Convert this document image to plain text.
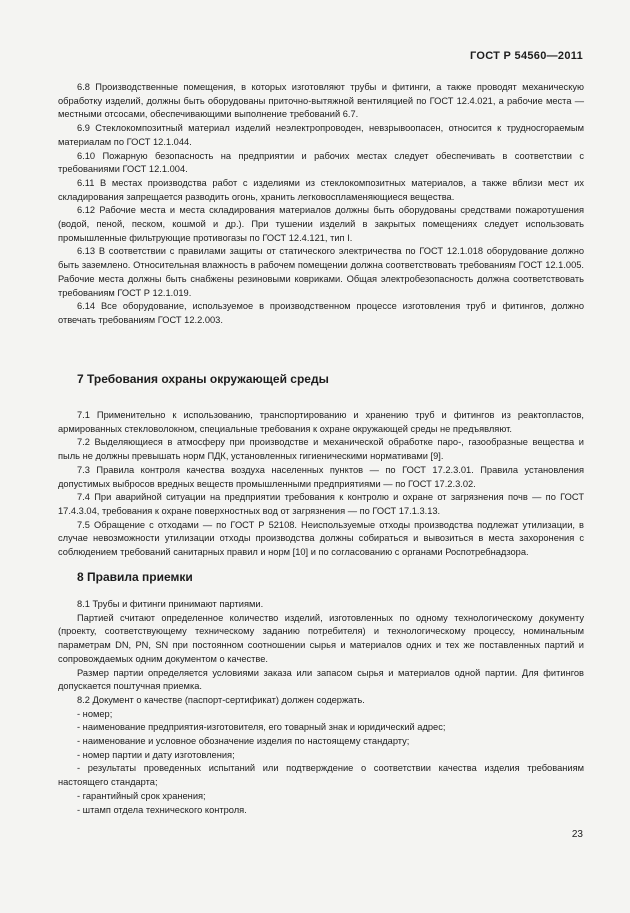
ГОСТ Р 54560—2011

6.8 Производственные помещения, в которых изготовляют трубы и фитинги, а также проводят механическую обработку изделий, должны быть оборудованы приточно-вытяжной вентиляцией по ГОСТ 12.4.021, а рабочие места — местными отсосами, обеспечивающими выполнение требований 6.7.

6.9 Стеклокомпозитный материал изделий неэлектропроводен, невзрывоопасен, относится к трудносгораемым материалам по ГОСТ 12.1.044.

6.10 Пожарную безопасность на предприятии и рабочих местах следует обеспечивать в соответствии с требованиями ГОСТ 12.1.004.

6.11 В местах производства работ с изделиями из стеклокомпозитных материалов, а также вблизи мест их складирования запрещается разводить огонь, хранить легковоспламеняющиеся вещества.

6.12 Рабочие места и места складирования материалов должны быть оборудованы средствами пожаротушения (водой, пеной, песком, кошмой и др.). При тушении изделий в закрытых помещениях следует использовать промышленные фильтрующие противогазы по ГОСТ 12.4.121, тип I.

6.13 В соответствии с правилами защиты от статического электричества по ГОСТ 12.1.018 оборудование должно быть заземлено. Относительная влажность в рабочем помещении должна соответствовать требованиям ГОСТ 12.1.005. Рабочие места должны быть снабжены резиновыми ковриками. Общая электробезопасность должна соответствовать требованиям ГОСТ Р 12.1.019.

6.14 Все оборудование, используемое в производственном процессе изготовления труб и фитингов, должно отвечать требованиям ГОСТ 12.2.003.

7 Требования охраны окружающей среды

7.1 Применительно к использованию, транспортированию и хранению труб и фитингов из реактопластов, армированных стекловолокном, специальные требования к охране окружающей среды не предъявляют.

7.2 Выделяющиеся в атмосферу при производстве и механической обработке паро-, газообразные вещества и пыль не должны превышать норм ПДК, установленных гигиеническими нормативами [9].

7.3 Правила контроля качества воздуха населенных пунктов — по ГОСТ 17.2.3.01. Правила установления допустимых выбросов вредных веществ промышленными предприятиями — по ГОСТ 17.2.3.02.

7.4 При аварийной ситуации на предприятии требования к контролю и охране от загрязнения почв — по ГОСТ 17.4.3.04, требования к охране поверхностных вод от загрязнения — по ГОСТ 17.1.3.13.

7.5 Обращение с отходами — по ГОСТ Р 52108. Неиспользуемые отходы производства подлежат утилизации, в случае невозможности утилизации отходы производства должны собираться и вывозиться в места захоронения с соблюдением требований санитарных правил и норм [10] и по согласованию с органами Роспотребнадзора.

8 Правила приемки

8.1 Трубы и фитинги принимают партиями.

Партией считают определенное количество изделий, изготовленных по одному технологическому документу (проекту, соответствующему техническому заданию потребителя) и технологическому процессу, номинальным параметрам DN, PN, SN при постоянном соотношении сырья и материалов одних и тех же поставленных партий и сопровождаемых одним документом о качестве.

Размер партии определяется условиями заказа или запасом сырья и материалов одной партии. Для фитингов допускается поштучная приемка.

8.2 Документ о качестве (паспорт-сертификат) должен содержать.

- номер;

- наименование предприятия-изготовителя, его товарный знак и юридический адрес;

- наименование и условное обозначение изделия по настоящему стандарту;

- номер партии и дату изготовления;

- результаты проведенных испытаний или подтверждение о соответствии качества изделия требованиям настоящего стандарта;

- гарантийный срок хранения;

- штамп отдела технического контроля.

23
